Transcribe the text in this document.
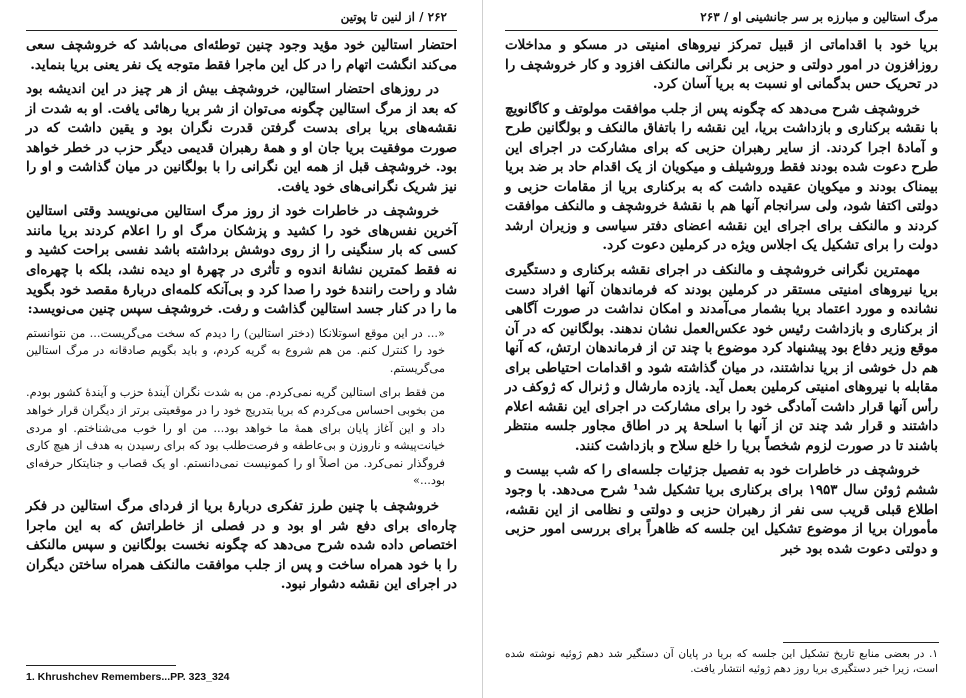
۲۶۲ / از لنین تا پوتین

احتضار استالین خود مؤید وجود چنین توطئه‌ای می‌باشد که خروشچف سعی می‌کند انگشت اتهام را در کل این ماجرا فقط متوجه یک نفر یعنی بریا بنماید.

در روزهای احتضار استالین، خروشچف بیش از هر چیز در این اندیشه بود که بعد از مرگ استالین چگونه می‌توان از شر بریا رهائی یافت. او به شدت از نقشه‌های بریا برای بدست گرفتن قدرت نگران بود و یقین داشت که در صورت موفقیت بریا جان او و همهٔ رهبران قدیمی دیگر حزب در خطر خواهد بود. خروشچف قبل از همه این نگرانی را با بولگانین در میان گذاشت و او را نیز شریک نگرانی‌های خود یافت.

خروشچف در خاطرات خود از روز مرگ استالین می‌نویسد وقتی استالین آخرین نفس‌های خود را کشید و پزشکان مرگ او را اعلام کردند بریا مانند کسی که بار سنگینی را از روی دوشش برداشته باشد نفسی براحت کشید و نه فقط کمترین نشانهٔ اندوه و تأثری در چهرهٔ او دیده نشد، بلکه با چهره‌ای شاد و راحت رانندهٔ خود را صدا کرد و بی‌آنکه کلمه‌ای دربارهٔ مقصد خود بگوید ما را در کنار جسد استالین گذاشت و رفت. خروشچف سپس چنین می‌نویسد:

«... در این موقع اسوتلانکا (دختر استالین) را دیدم که سخت می‌گریست... من نتوانستم خود را کنترل کنم. من هم شروع به گریه کردم، و باید بگویم صادقانه در مرگ استالین می‌گریستم.

من فقط برای استالین گریه نمی‌کردم. من به شدت نگران آیندهٔ حزب و آیندهٔ کشور بودم. من بخوبی احساس می‌کردم که بریا بتدریج خود را در موقعیتی برتر از دیگران قرار خواهد داد و این آغاز پایان برای همهٔ ما خواهد بود... من او را خوب می‌شناختم. او مردی خیانت‌پیشه و ناروزن و بی‌عاطفه و فرصت‌طلب بود که برای رسیدن به هدف از هیچ کاری فروگذار نمی‌کرد. من اصلاً او را کمونیست نمی‌دانستم. او یک قصاب و جنایتکار حرفه‌ای بود...»

خروشچف با چنین طرز تفکری دربارهٔ بریا از فردای مرگ استالین در فکر چاره‌ای برای دفع شر او بود و در فصلی از خاطراتش که به این ماجرا اختصاص داده شده شرح می‌دهد که چگونه نخست بولگانین و سپس مالنکف را با خود همراه ساخت و پس از جلب موافقت مالنکف همراه ساختن دیگران در اجرای این نقشه دشوار نبود.

1. Khrushchev Remembers...PP. 323_324
مرگ استالین و مبارزه بر سر جانشینی او / ۲۶۳

بریا خود با اقداماتی از قبیل تمرکز نیروهای امنیتی در مسکو و مداخلات روزافزون در امور دولتی و حزبی بر نگرانی مالنکف افزود و کار خروشچف را در تحریک حس بدگمانی او نسبت به بریا آسان کرد.

خروشچف شرح می‌دهد که چگونه پس از جلب موافقت مولوتف و کاگانویچ با نقشه برکناری و بازداشت بریا، این نقشه را باتفاق مالنکف و بولگانین طرح و آمادهٔ اجرا کردند. از سایر رهبران حزبی که برای مشارکت در اجرای این طرح دعوت شده بودند فقط وروشیلف و میکویان از یک اقدام حاد بر ضد بریا بیمناک بودند و میکویان عقیده داشت که به برکناری بریا از مقامات حزبی و دولتی اکتفا شود، ولی سرانجام آنها هم با نقشهٔ خروشچف و مالنکف موافقت کردند و مالنکف برای اجرای این نقشه اعضای دفتر سیاسی و وزیران ارشد دولت را برای تشکیل یک اجلاس ویژه در کرملین دعوت کرد.

مهمترین نگرانی خروشچف و مالنکف در اجرای نقشه برکناری و دستگیری بریا نیروهای امنیتی مستقر در کرملین بودند که فرماندهان آنها افراد دست نشانده و مورد اعتماد بریا بشمار می‌آمدند و امکان نداشت در صورت آگاهی از برکناری و بازداشت رئیس خود عکس‌العمل نشان ندهند. بولگانین که در آن موقع وزیر دفاع بود پیشنهاد کرد موضوع با چند تن از فرماندهان ارتش، که آنها هم دل خوشی از بریا نداشتند، در میان گذاشته شود و اقدامات احتیاطی برای مقابله با نیروهای امنیتی کرملین بعمل آید. یازده مارشال و ژنرال که ژوکف در رأس آنها قرار داشت آمادگی خود را برای مشارکت در اجرای این نقشه اعلام داشتند و قرار شد چند تن از آنها با اسلحهٔ پر در اطاق مجاور جلسه منتظر باشند تا در صورت لزوم شخصاً بریا را خلع سلاح و بازداشت کنند.

خروشچف در خاطرات خود به تفصیل جزئیات جلسه‌ای را که شب بیست و ششم ژوئن سال ۱۹۵۳ برای برکناری بریا تشکیل شد¹ شرح می‌دهد. با وجود اطلاع قبلی قریب سی نفر از رهبران حزبی و دولتی و نظامی از این نقشه، مأموران بریا از موضوع تشکیل این جلسه که ظاهراً برای بررسی امور حزبی و دولتی دعوت شده بود خبر

۱. در بعضی منابع تاریخ تشکیل این جلسه که بریا در پایان آن دستگیر شد دهم ژوئیه نوشته شده است، زیرا خبر دستگیری بریا روز دهم ژوئیه انتشار یافت.
